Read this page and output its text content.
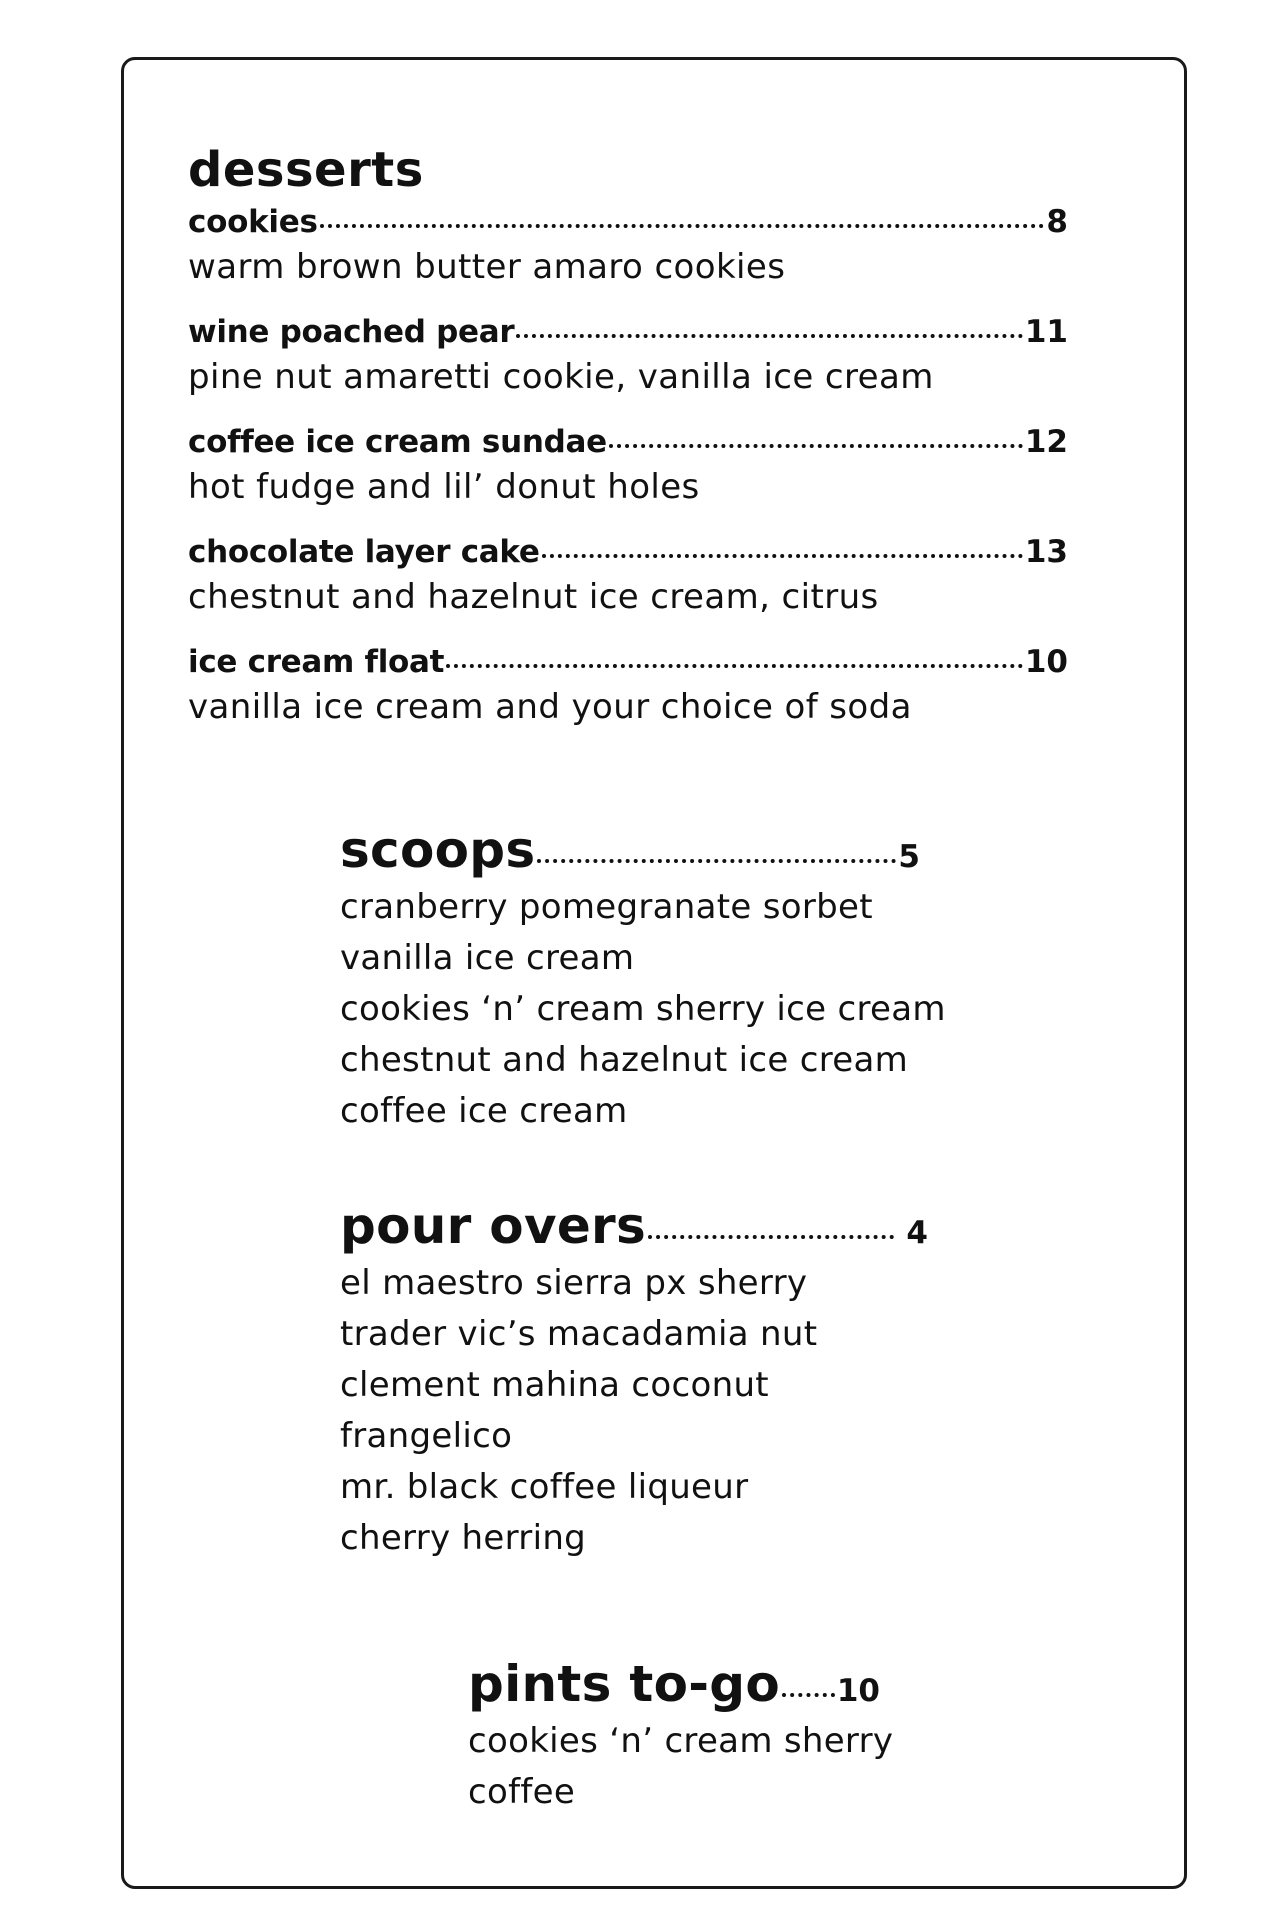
desserts
cookies	8
warm brown butter amaro cookies
wine poached pear	11
pine nut amaretti cookie, vanilla ice cream
coffee ice cream sundae	12
hot fudge and lil’ donut holes
chocolate layer cake	13
chestnut and hazelnut ice cream, citrus
ice cream float	10
vanilla ice cream and your choice of soda
scoops	5
cranberry pomegranate sorbet
vanilla ice cream
cookies ‘n’ cream sherry ice cream
chestnut and hazelnut ice cream
coffee ice cream
pour overs	4
el maestro sierra px sherry
trader vic’s macadamia nut
clement mahina coconut
frangelico
mr. black coffee liqueur
cherry herring
pints to-go 10
cookies ‘n’ cream sherry
coffee
